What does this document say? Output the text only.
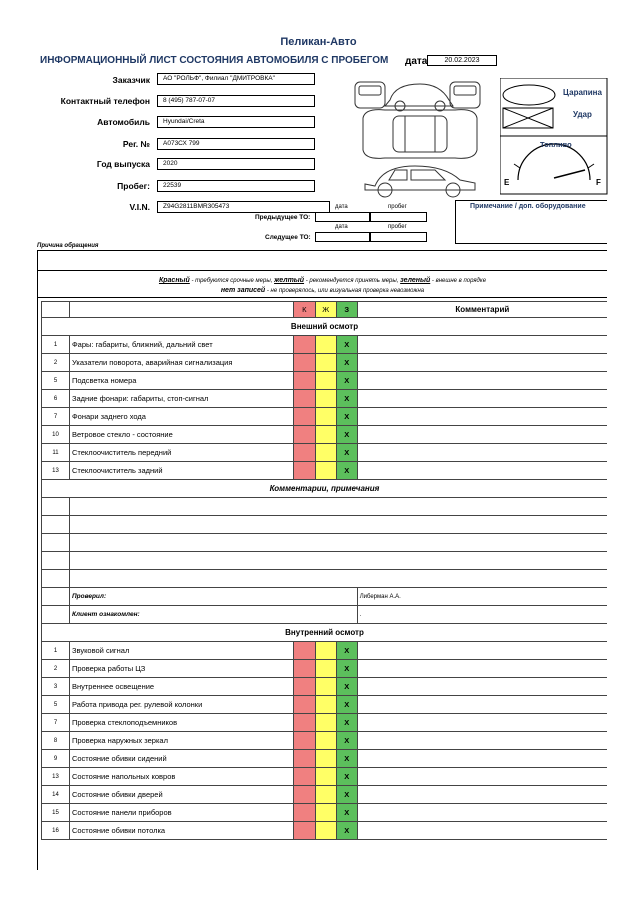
Пеликан-Авто
ИНФОРМАЦИОННЫЙ ЛИСТ СОСТОЯНИЯ АВТОМОБИЛЯ С ПРОБЕГОМ дата	20.02.2023
Заказчик	АО "РОЛЬФ", Филиал "ДМИТРОВКА"
Контактный телефон	8 (495) 787-07-07
Автомобиль	Hyundai/Creta
Рег. №	А073СХ 799
Год выпуска	2020
Пробег:	22539
V.I.N.	Z94G2811BMR305473	дата	пробег
Предыдущее ТО:
дата	пробег
Следущее ТО:
Царапина
Удар
Топливо
E	F
Примечание / доп. оборудование
Причина обращения
Красный - требуются срочные меры, желтый - рекомендуется принять меры, зеленый - внешне в порядке
нет записей - не проверялось, или визуальная проверка невозможна
		К	Ж	З	Комментарий
Внешний осмотр					
1	Фары: габариты, ближний, дальний свет			X	
2	Указатели поворота, аварийная сигнализация			X	
5	Подсветка номера			X	
6	Задние фонари: габариты, стоп-сигнал			X	
7	Фонари заднего хода			X	
10	Ветровое стекло - состояние			X	
11	Стеклоочиститель передний			X	
13	Стеклоочиститель задний			X	
Комментарии, примечания					

	Проверил:				Либерман А.А.
	Клиент ознакомлен:				.
Внутренний осмотр					
1	Звуковой сигнал			X	
2	Проверка работы ЦЗ			X	
3	Внутреннее освещение			X	
5	Работа привода рег. рулевой колонки			X	
7	Проверка стеклоподъемников			X	
8	Проверка наружных зеркал			X	
9	Состояние обивки сидений			X	
13	Состояние напольных ковров			X	
14	Состояние обивки дверей			X	
15	Состояние панели приборов			X	
16	Состояние обивки потолка			X	
